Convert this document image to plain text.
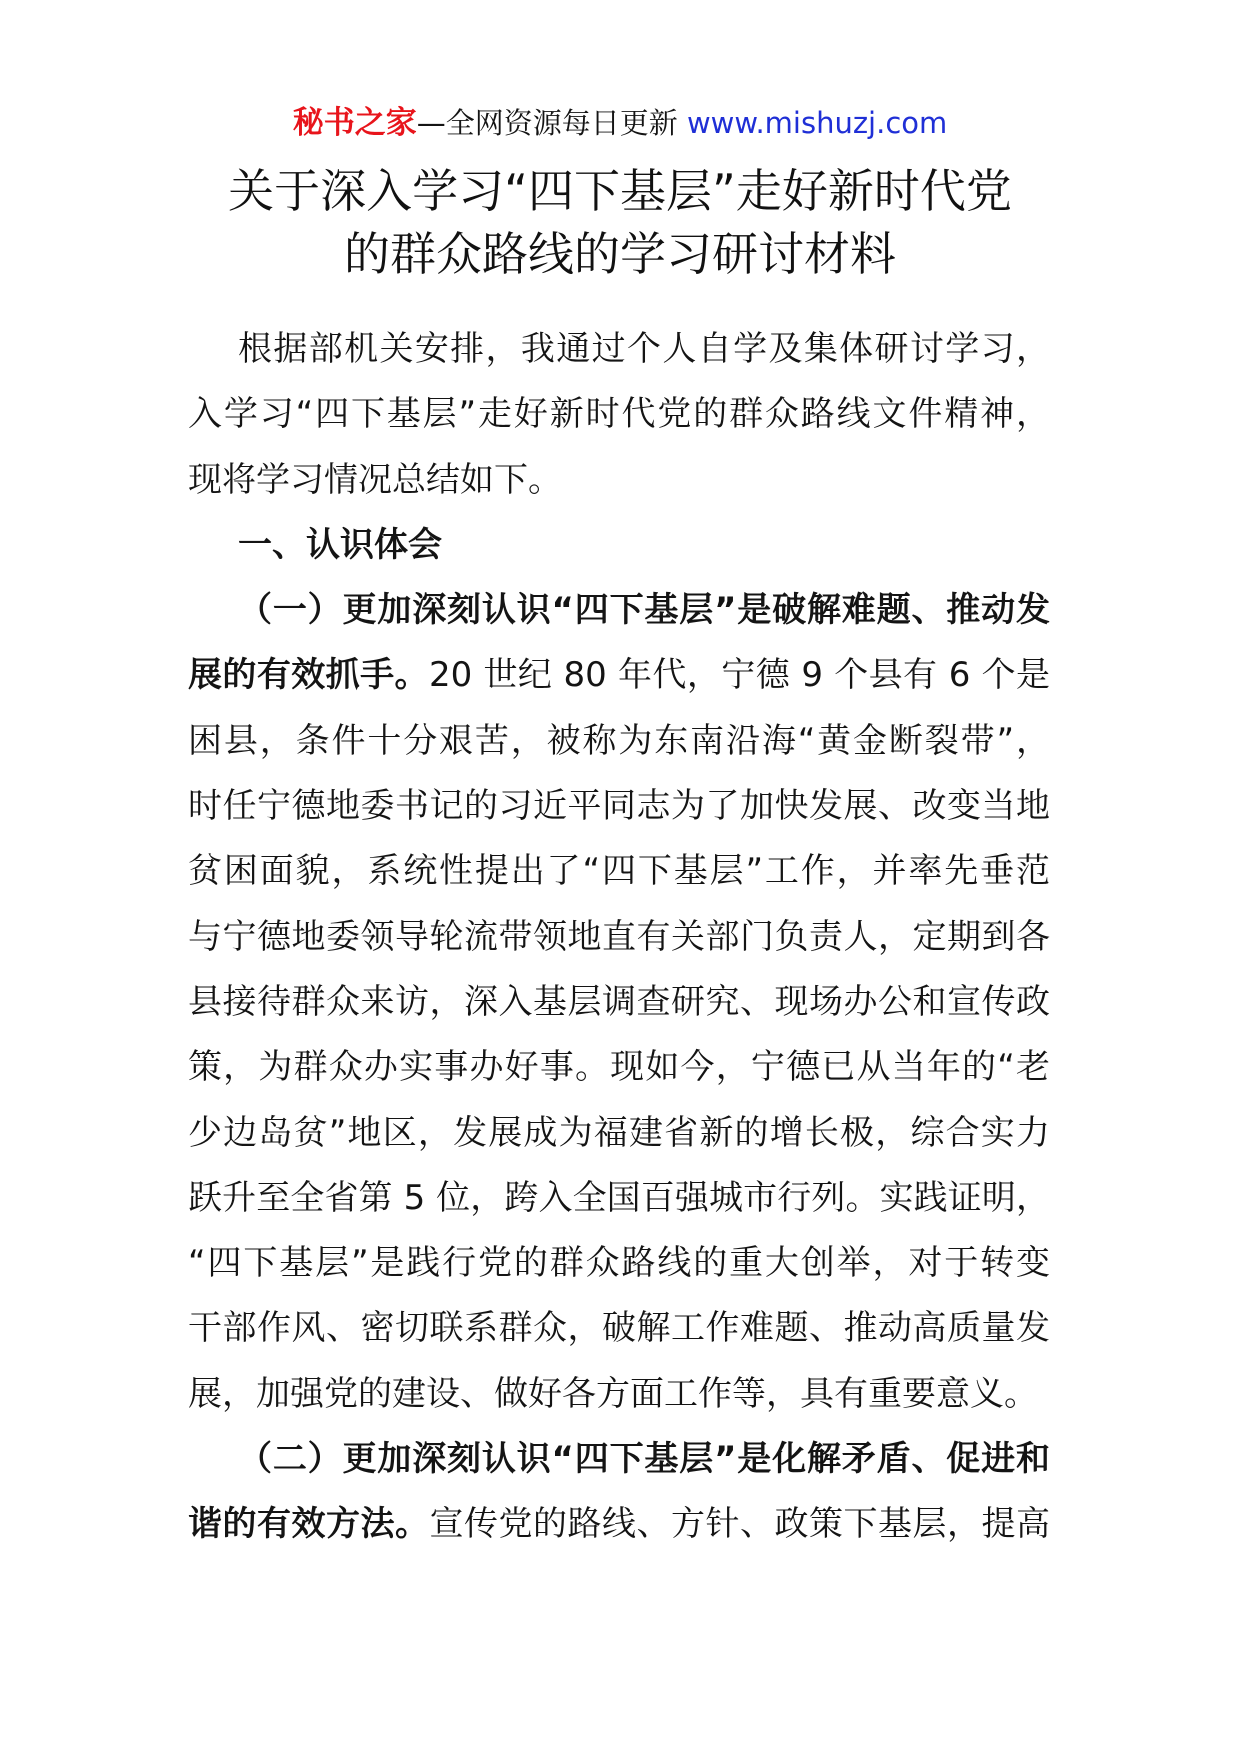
秘书之家—全网资源每日更新 www.mishuzj.com
关于深入学习“四下基层”走好新时代党
的群众路线的学习研讨材料
根据部机关安排，我通过个人自学及集体研讨学习，
入学习“四下基层”走好新时代党的群众路线文件精神，
现将学习情况总结如下。
一、认识体会
（一）更加深刻认识“四下基层”是破解难题、推动发
展的有效抓手。20 世纪 80 年代，宁德 9 个县有 6 个是
困县，条件十分艰苦，被称为东南沿海“黄金断裂带”，
时任宁德地委书记的习近平同志为了加快发展、改变当地
贫困面貌，系统性提出了“四下基层”工作，并率先垂范
与宁德地委领导轮流带领地直有关部门负责人，定期到各
县接待群众来访，深入基层调查研究、现场办公和宣传政
策，为群众办实事办好事。现如今，宁德已从当年的“老
少边岛贫”地区，发展成为福建省新的增长极，综合实力
跃升至全省第 5 位，跨入全国百强城市行列。实践证明，
“四下基层”是践行党的群众路线的重大创举，对于转变
干部作风、密切联系群众，破解工作难题、推动高质量发
展，加强党的建设、做好各方面工作等，具有重要意义。
（二）更加深刻认识“四下基层”是化解矛盾、促进和
谐的有效方法。宣传党的路线、方针、政策下基层，提高
